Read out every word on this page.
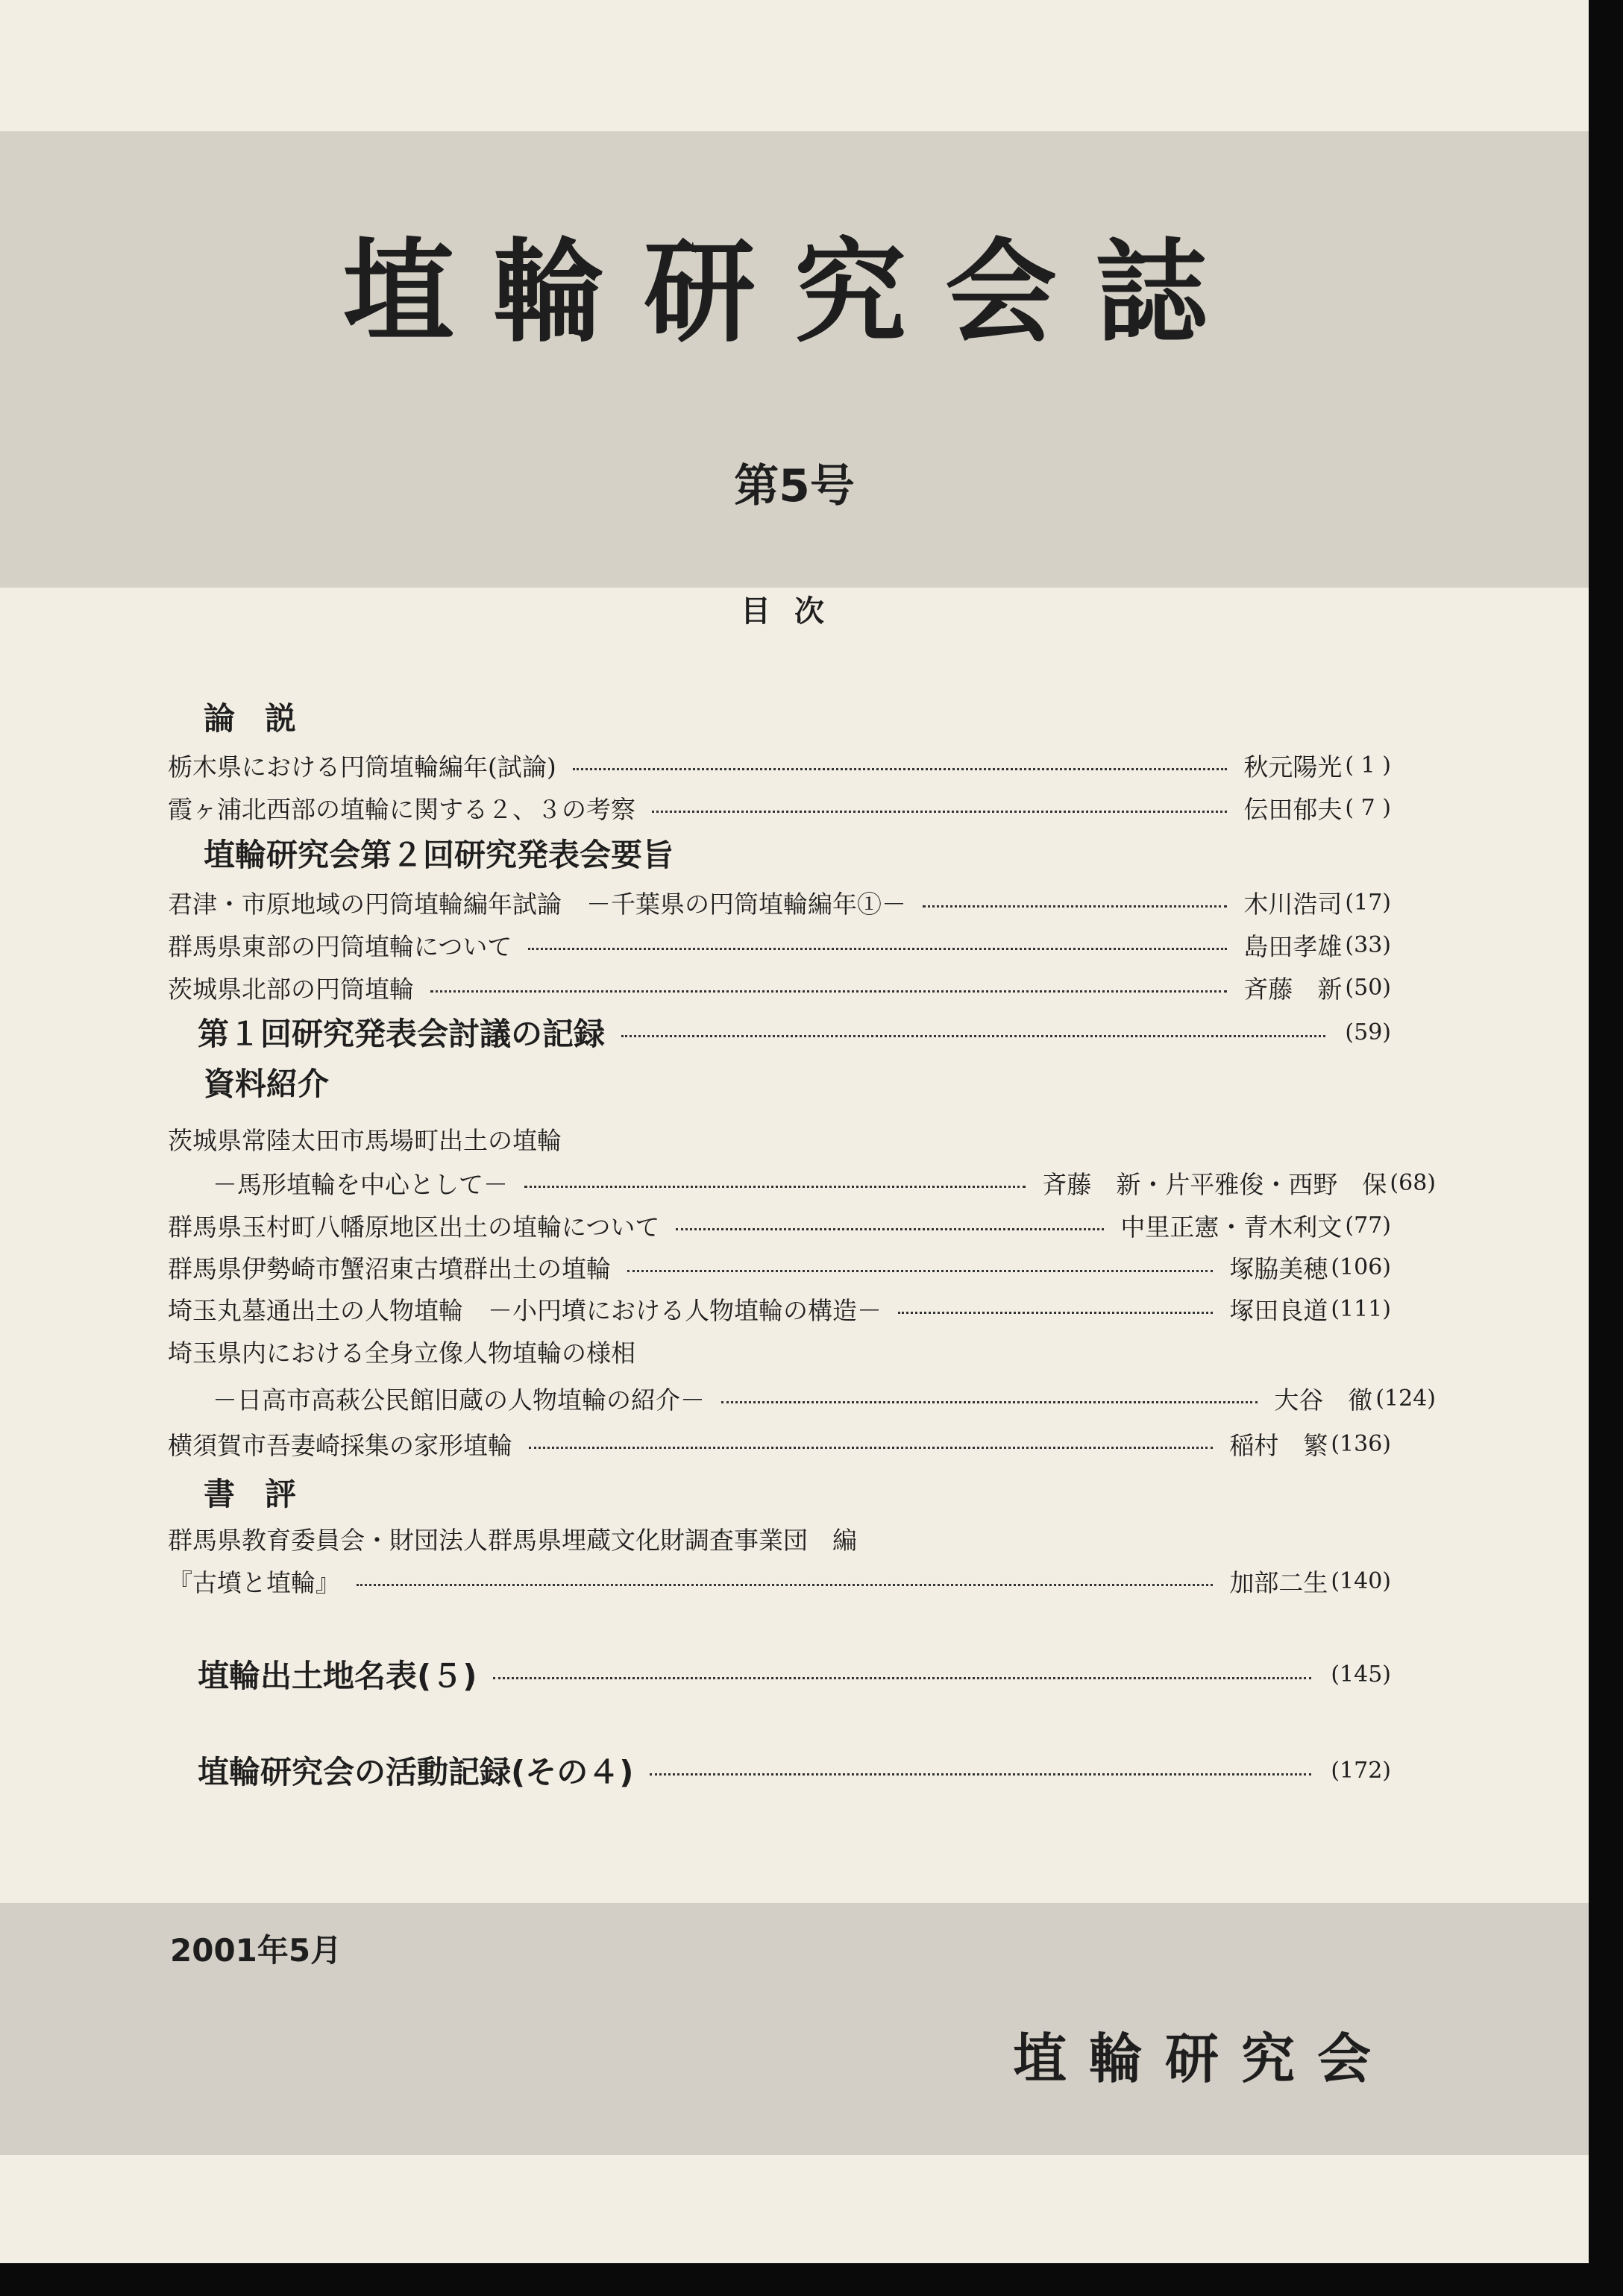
埴輪研究会誌
第5号
目次
論説
栃木県における円筒埴輪編年(試論)	秋元陽光 ( 1 )
霞ヶ浦北西部の埴輪に関する２、３の考察	伝田郁夫 ( 7 )
埴輪研究会第２回研究発表会要旨
君津・市原地域の円筒埴輪編年試論　－千葉県の円筒埴輪編年①－	木川浩司 (17)
群馬県東部の円筒埴輪について	島田孝雄 (33)
茨城県北部の円筒埴輪	斉藤　新 (50)
第１回研究発表会討議の記録	(59)
資料紹介
茨城県常陸太田市馬場町出土の埴輪
－馬形埴輪を中心として－	斉藤　新・片平雅俊・西野　保 (68)
群馬県玉村町八幡原地区出土の埴輪について	中里正憲・青木利文 (77)
群馬県伊勢崎市蟹沼東古墳群出土の埴輪	塚脇美穂 (106)
埼玉丸墓通出土の人物埴輪　－小円墳における人物埴輪の構造－	塚田良道 (111)
埼玉県内における全身立像人物埴輪の様相
－日高市高萩公民館旧蔵の人物埴輪の紹介－	大谷　徹 (124)
横須賀市吾妻崎採集の家形埴輪	稲村　繁 (136)
書評
群馬県教育委員会・財団法人群馬県埋蔵文化財調査事業団　編
『古墳と埴輪』	加部二生 (140)
埴輪出土地名表(５)	(145)
埴輪研究会の活動記録(その４)	(172)
2001年5月
埴輪研究会
